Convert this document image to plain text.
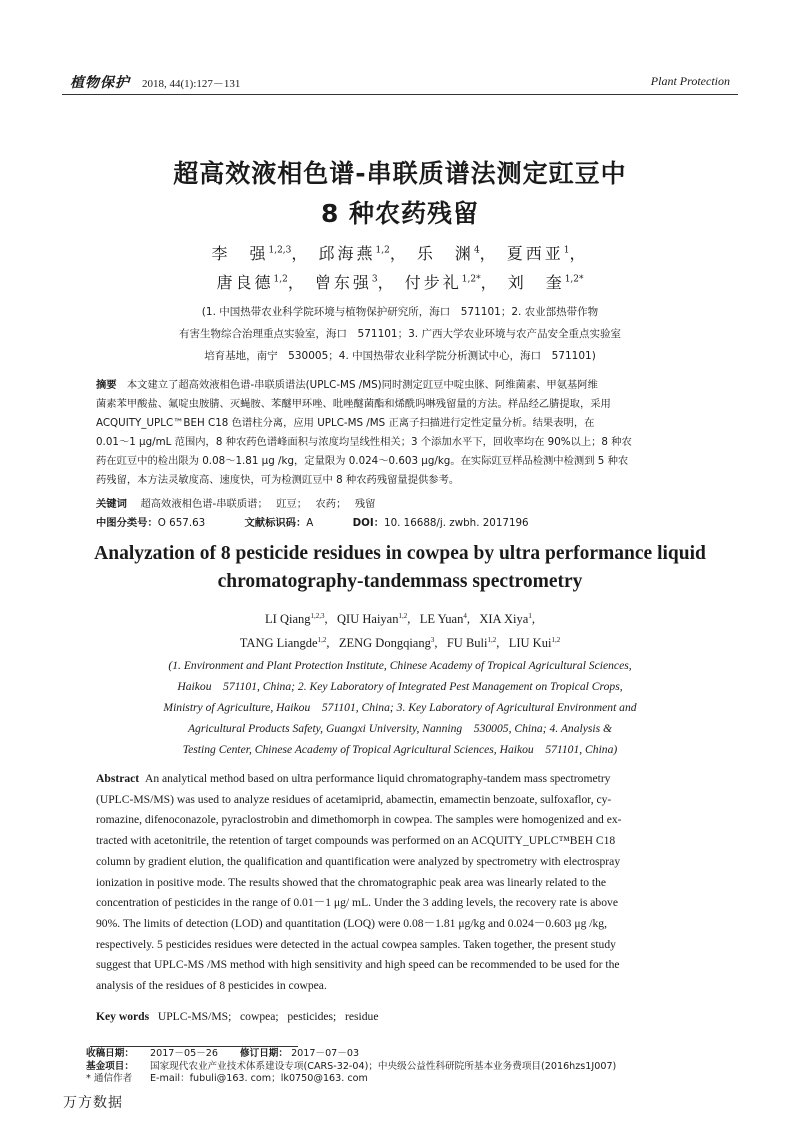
植物保护 2018, 44(1):127－131	Plant Protection
超高效液相色谱-串联质谱法测定豇豆中
8 种农药残留
李　强$^{1,2,3}$， 邱海燕$^{1,2}$， 乐　渊$^4$， 夏西亚$^1$，
唐良德$^{1,2}$， 曾东强$^3$， 付步礼$^{1,2*}$， 刘　奎$^{1,2*}$
(1. 中国热带农业科学院环境与植物保护研究所，海口　571101；2. 农业部热带作物
有害生物综合治理重点实验室，海口　571101；3. 广西大学农业环境与农产品安全重点实验室
培育基地，南宁　530005；4. 中国热带农业科学院分析测试中心，海口　571101)
摘要　 本文建立了超高效液相色谱-串联质谱法(UPLC-MS /MS)同时测定豇豆中啶虫脒、阿维菌素、甲氨基阿维
菌素苯甲酸盐、氟啶虫胺腈、灭蝇胺、苯醚甲环唑、吡唑醚菌酯和烯酰吗啉残留量的方法。样品经乙腈提取，采用
ACQUITY_UPLC™BEH C18 色谱柱分离，应用 UPLC-MS /MS 正离子扫描进行定性定量分析。结果表明，在
0.01～1 μg/mL 范围内，8 种农药色谱峰面积与浓度均呈线性相关；3 个添加水平下，回收率均在 90%以上；8 种农
药在豇豆中的检出限为 0.08～1.81 μg /kg，定量限为 0.024～0.603 μg/kg。在实际豇豆样品检测中检测到 5 种农
药残留，本方法灵敏度高、速度快，可为检测豇豆中 8 种农药残留量提供参考。
关键词　 超高效液相色谱-串联质谱；　 豇豆；　 农药；　 残留
中图分类号：O 657.63	文献标识码：A	DOI：10. 16688/j. zwbh. 2017196
Analyzation of 8 pesticide residues in cowpea by ultra performance liquid
chromatography-tandemmass spectrometry
LI Qiang$^{1,2,3}$,   QIU Haiyan$^{1,2}$,   LE Yuan$^4$,   XIA Xiya$^1$,
TANG Liangde$^{1,2}$,   ZENG Dongqiang$^3$,   FU Buli$^{1,2}$,   LIU Kui$^{1,2}$
(1. Environment and Plant Protection Institute, Chinese Academy of Tropical Agricultural Sciences,
Haikou　571101, China; 2. Key Laboratory of Integrated Pest Management on Tropical Crops,
Ministry of Agriculture, Haikou　571101, China; 3. Key Laboratory of Agricultural Environment and
Agricultural Products Safety, Guangxi University, Nanning　530005, China; 4. Analysis &
Testing Center, Chinese Academy of Tropical Agricultural Sciences, Haikou　571101, China)
Abstract An analytical method based on ultra performance liquid chromatography-tandem mass spectrometry
(UPLC-MS/MS) was used to analyze residues of acetamiprid, abamectin, emamectin benzoate, sulfoxaflor, cy-
romazine, difenoconazole, pyraclostrobin and dimethomorph in cowpea. The samples were homogenized and ex-
tracted with acetonitrile, the retention of target compounds was performed on an ACQUITY_UPLC™BEH C18
column by gradient elution, the qualification and quantification were analyzed by spectrometry with electrospray
ionization in positive mode. The results showed that the chromatographic peak area was linearly related to the
concentration of pesticides in the range of 0.01－1 μg/ mL. Under the 3 adding levels, the recovery rate is above
90%. The limits of detection (LOD) and quantitation (LOQ) were 0.08－1.81 μg/kg and 0.024－0.603 μg /kg,
respectively. 5 pesticides residues were detected in the actual cowpea samples. Taken together, the present study
suggest that UPLC-MS /MS method with high sensitivity and high speed can be recommended to be used for the
analysis of the residues of 8 pesticides in cowpea.
Key words UPLC-MS/MS; cowpea; pesticides; residue
收稿日期： 2017－05－26 修订日期： 2017－07－03
基金项目： 国家现代农业产业技术体系建设专项(CARS-32-04)；中央级公益性科研院所基本业务费项目(2016hzs1J007)
* 通信作者 E-mail：fubuli@163. com；lk0750@163. com
万方数据
